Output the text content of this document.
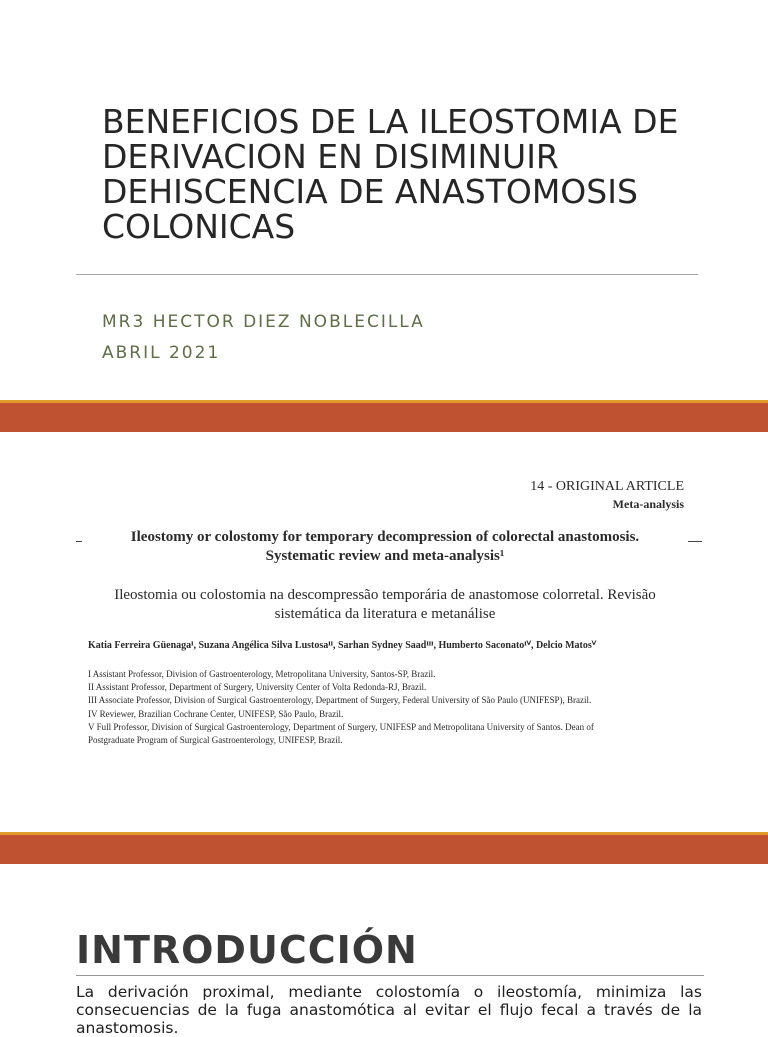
BENEFICIOS DE LA ILEOSTOMIA DE DERIVACION EN DISIMINUIR DEHISCENCIA DE ANASTOMOSIS COLONICAS

MR3 HECTOR DIEZ NOBLECILLA

ABRIL 2021

14 - ORIGINAL ARTICLE

Meta-analysis

Ileostomy or colostomy for temporary decompression of colorectal anastomosis.
Systematic review and meta-analysis¹
Ileostomia ou colostomia na descompressão temporária de anastomose colorretal. Revisão
sistemática da literatura e metanálise

Katia Ferreira Güenagaᴵ, Suzana Angélica Silva Lustosaᴵᴵ, Sarhan Sydney Saadᴵᴵᴵ, Humberto Saconatoᴵⱽ, Delcio Matosⱽ

I Assistant Professor, Division of Gastroenterology, Metropolitana University, Santos-SP, Brazil.
II Assistant Professor, Department of Surgery, University Center of Volta Redonda-RJ, Brazil.
III Associate Professor, Division of Surgical Gastroenterology, Department of Surgery, Federal University of São Paulo (UNIFESP), Brazil.
IV Reviewer, Brazilian Cochrane Center, UNIFESP, São Paulo, Brazil.
V Full Professor, Division of Surgical Gastroenterology, Department of Surgery, UNIFESP and Metropolitana University of Santos. Dean of
Postgraduate Program of Surgical Gastroenterology, UNIFESP, Brazil.
INTRODUCCIÓN

La derivación proximal, mediante colostomía o ileostomía, minimiza las consecuencias de la fuga anastomótica al evitar el flujo fecal a través de la anastomosis.
